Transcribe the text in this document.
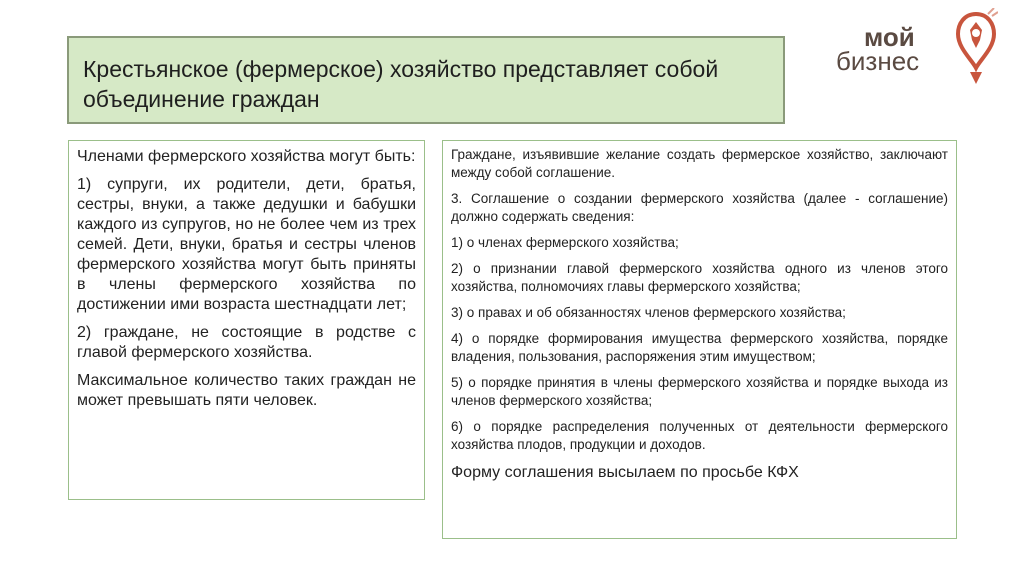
Крестьянское (фермерское) хозяйство представляет собой объединение граждан
мой
бизнес

Членами фермерского хозяйства могут быть:

1) супруги, их родители, дети, братья, сестры, внуки, а также дедушки и бабушки каждого из супругов, но не более чем из трех семей. Дети, внуки, братья и сестры членов фермерского хозяйства могут быть приняты в члены фермерского хозяйства по достижении ими возраста шестнадцати лет;

2) граждане, не состоящие в родстве с главой фермерского хозяйства.

Максимальное количество таких граждан не может превышать пяти человек.

Граждане, изъявившие желание создать фермерское хозяйство, заключают между собой соглашение.

3. Соглашение о создании фермерского хозяйства (далее - соглашение) должно содержать сведения:

1) о членах фермерского хозяйства;

2) о признании главой фермерского хозяйства одного из членов этого хозяйства, полномочиях главы фермерского хозяйства;

3) о правах и об обязанностях членов фермерского хозяйства;

4) о порядке формирования имущества фермерского хозяйства, порядке владения, пользования, распоряжения этим имуществом;

5) о порядке принятия в члены фермерского хозяйства и порядке выхода из членов фермерского хозяйства;

6) о порядке распределения полученных от деятельности фермерского хозяйства плодов, продукции и доходов.

Форму соглашения высылаем по просьбе КФХ
